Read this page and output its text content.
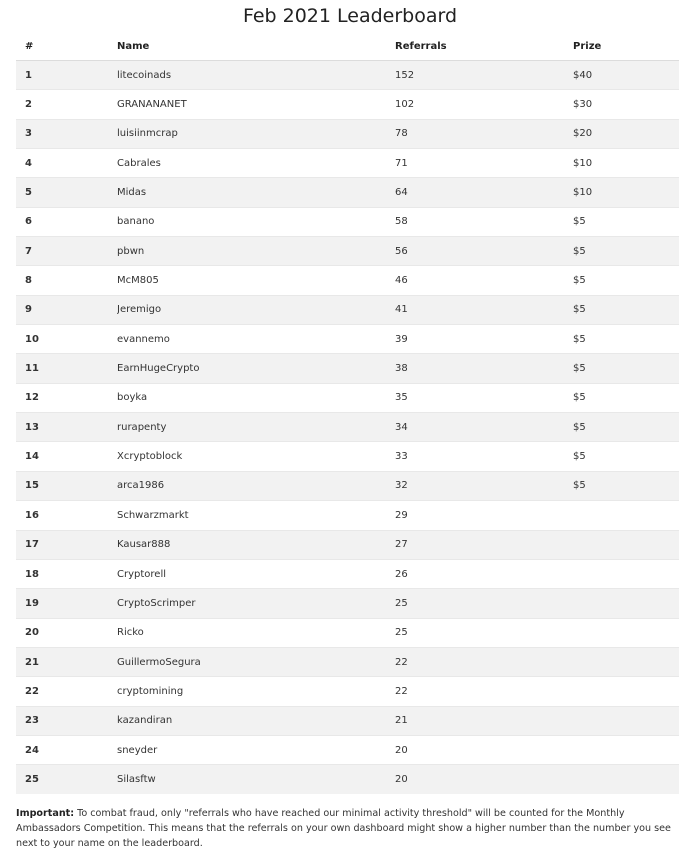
Feb 2021 Leaderboard
#	Name	Referrals	Prize
1	litecoinads	152	$40
2	GRANANANET	102	$30
3	luisiinmcrap	78	$20
4	Cabrales	71	$10
5	Midas	64	$10
6	banano	58	$5
7	pbwn	56	$5
8	McM805	46	$5
9	Jeremigo	41	$5
10	evannemo	39	$5
11	EarnHugeCrypto	38	$5
12	boyka	35	$5
13	rurapenty	34	$5
14	Xcryptoblock	33	$5
15	arca1986	32	$5
16	Schwarzmarkt	29	
17	Kausar888	27	
18	Cryptorell	26	
19	CryptoScrimper	25	
20	Ricko	25	
21	GuillermoSegura	22	
22	cryptomining	22	
23	kazandiran	21	
24	sneyder	20	
25	Silasftw	20	
Important: To combat fraud, only "referrals who have reached our minimal activity threshold" will be counted for the Monthly Ambassadors Competition. This means that the referrals on your own dashboard might show a higher number than the number you see next to your name on the leaderboard.
